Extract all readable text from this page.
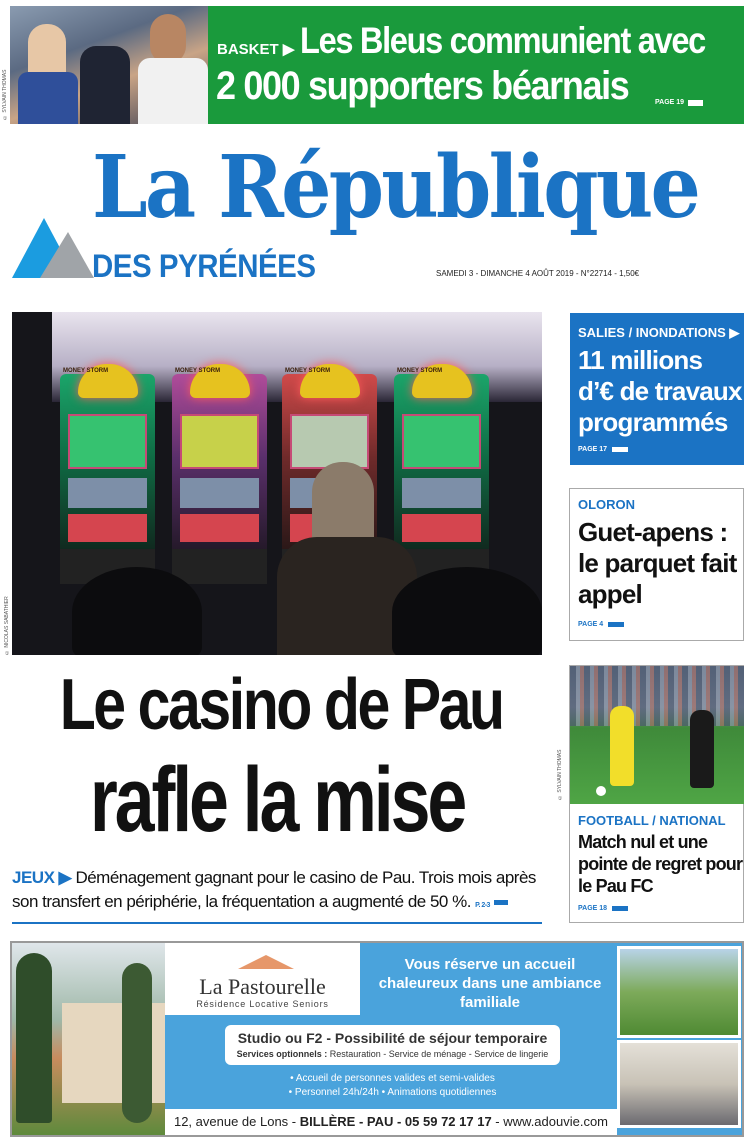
© SYLVAIN THOMAS
BASKET ▶ Les Bleus communient avec
2 000 supporters béarnais	PAGE 19
La République
DES PYRÉNÉES	SAMEDI 3 - DIMANCHE 4 AOÛT 2019 - N°22714 - 1,50€
MONEY STORM	MONEY STORM	MONEY STORM	MONEY STORM
© NICOLAS SABATHIER
Le casino de Pau
rafle la mise
JEUX ▶ Déménagement gagnant pour le casino de Pau. Trois mois après son transfert en périphérie, la fréquentation a augmenté de 50 %. P. 2-3
SALIES / INONDATIONS ▶
11 millions d’€ de travaux programmés
PAGE 17
OLORON
Guet-apens : le parquet fait appel
PAGE 4
FOOTBALL / NATIONAL
Match nul et une pointe de regret pour le Pau FC
PAGE 18
© SYLVAIN THOMAS
La Pastourelle
Résidence Locative Seniors
Vous réserve un accueil chaleureux dans une ambiance familiale
Studio ou F2 - Possibilité de séjour temporaire
Services optionnels : Restauration - Service de ménage - Service de lingerie
• Accueil de personnes valides et semi-valides
• Personnel 24h/24h • Animations quotidiennes
12, avenue de Lons - BILLÈRE - PAU - 05 59 72 17 17 - www.adouvie.com
